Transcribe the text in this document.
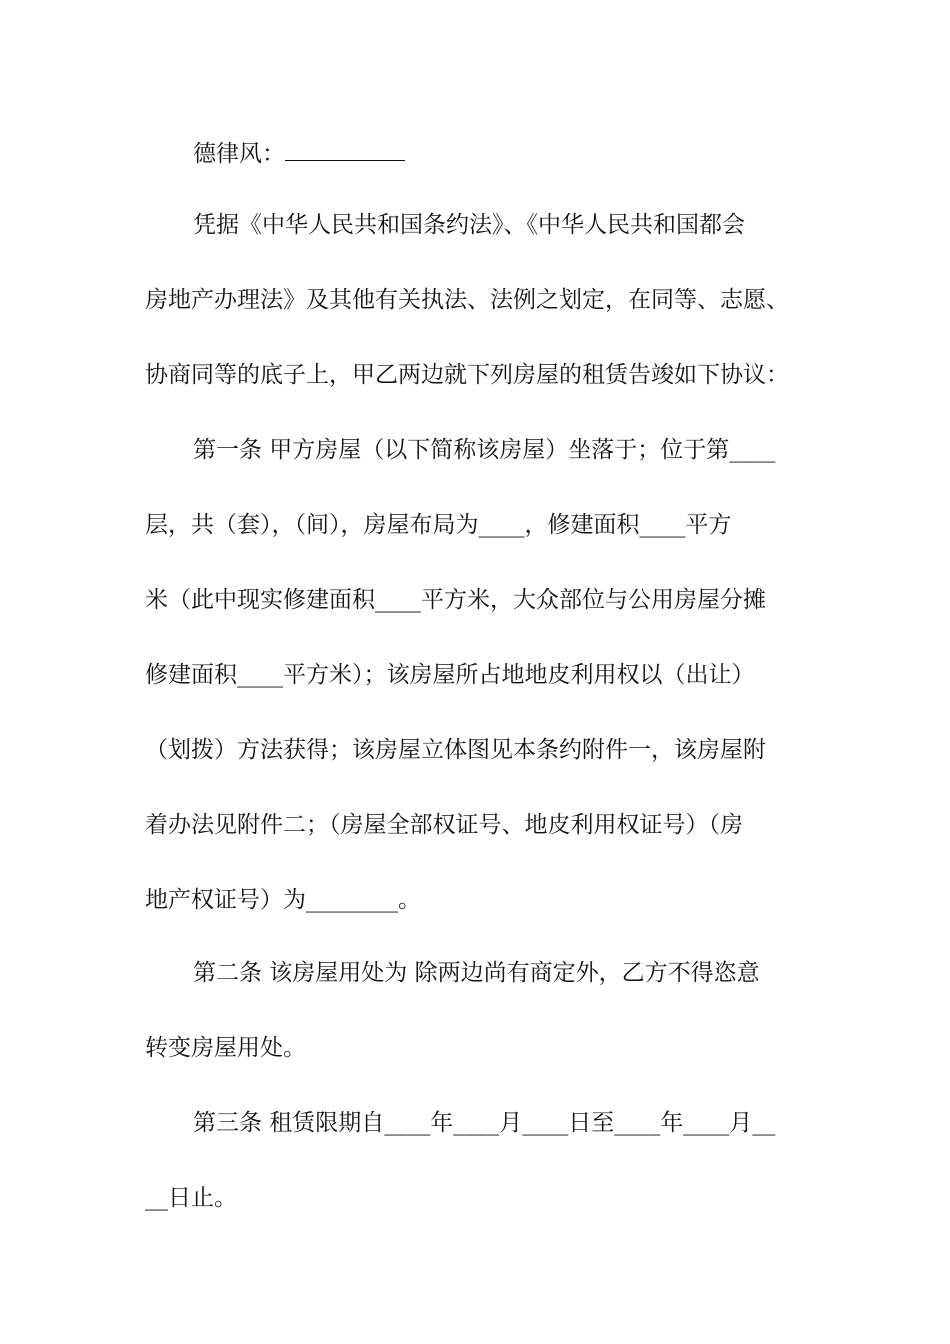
德律风：
凭据《中华人民共和国条约法》、《中华人民共和国都会
房地产办理法》及其他有关执法、法例之划定，在同等、志愿、
协商同等的底子上，甲乙两边就下列房屋的租赁告竣如下协议：
第一条 甲方房屋（以下简称该房屋）坐落于；位于第____
层，共（套），（间），房屋布局为____，修建面积____平方
米（此中现实修建面积____平方米，大众部位与公用房屋分摊
修建面积____平方米）；该房屋所占地地皮利用权以（出让）
（划拨）方法获得；该房屋立体图见本条约附件一，该房屋附
着办法见附件二；（房屋全部权证号、地皮利用权证号）（房
地产权证号）为________。
第二条 该房屋用处为 除两边尚有商定外，乙方不得恣意
转变房屋用处。
第三条 租赁限期自____年____月____日至____年____月__
__日止。
